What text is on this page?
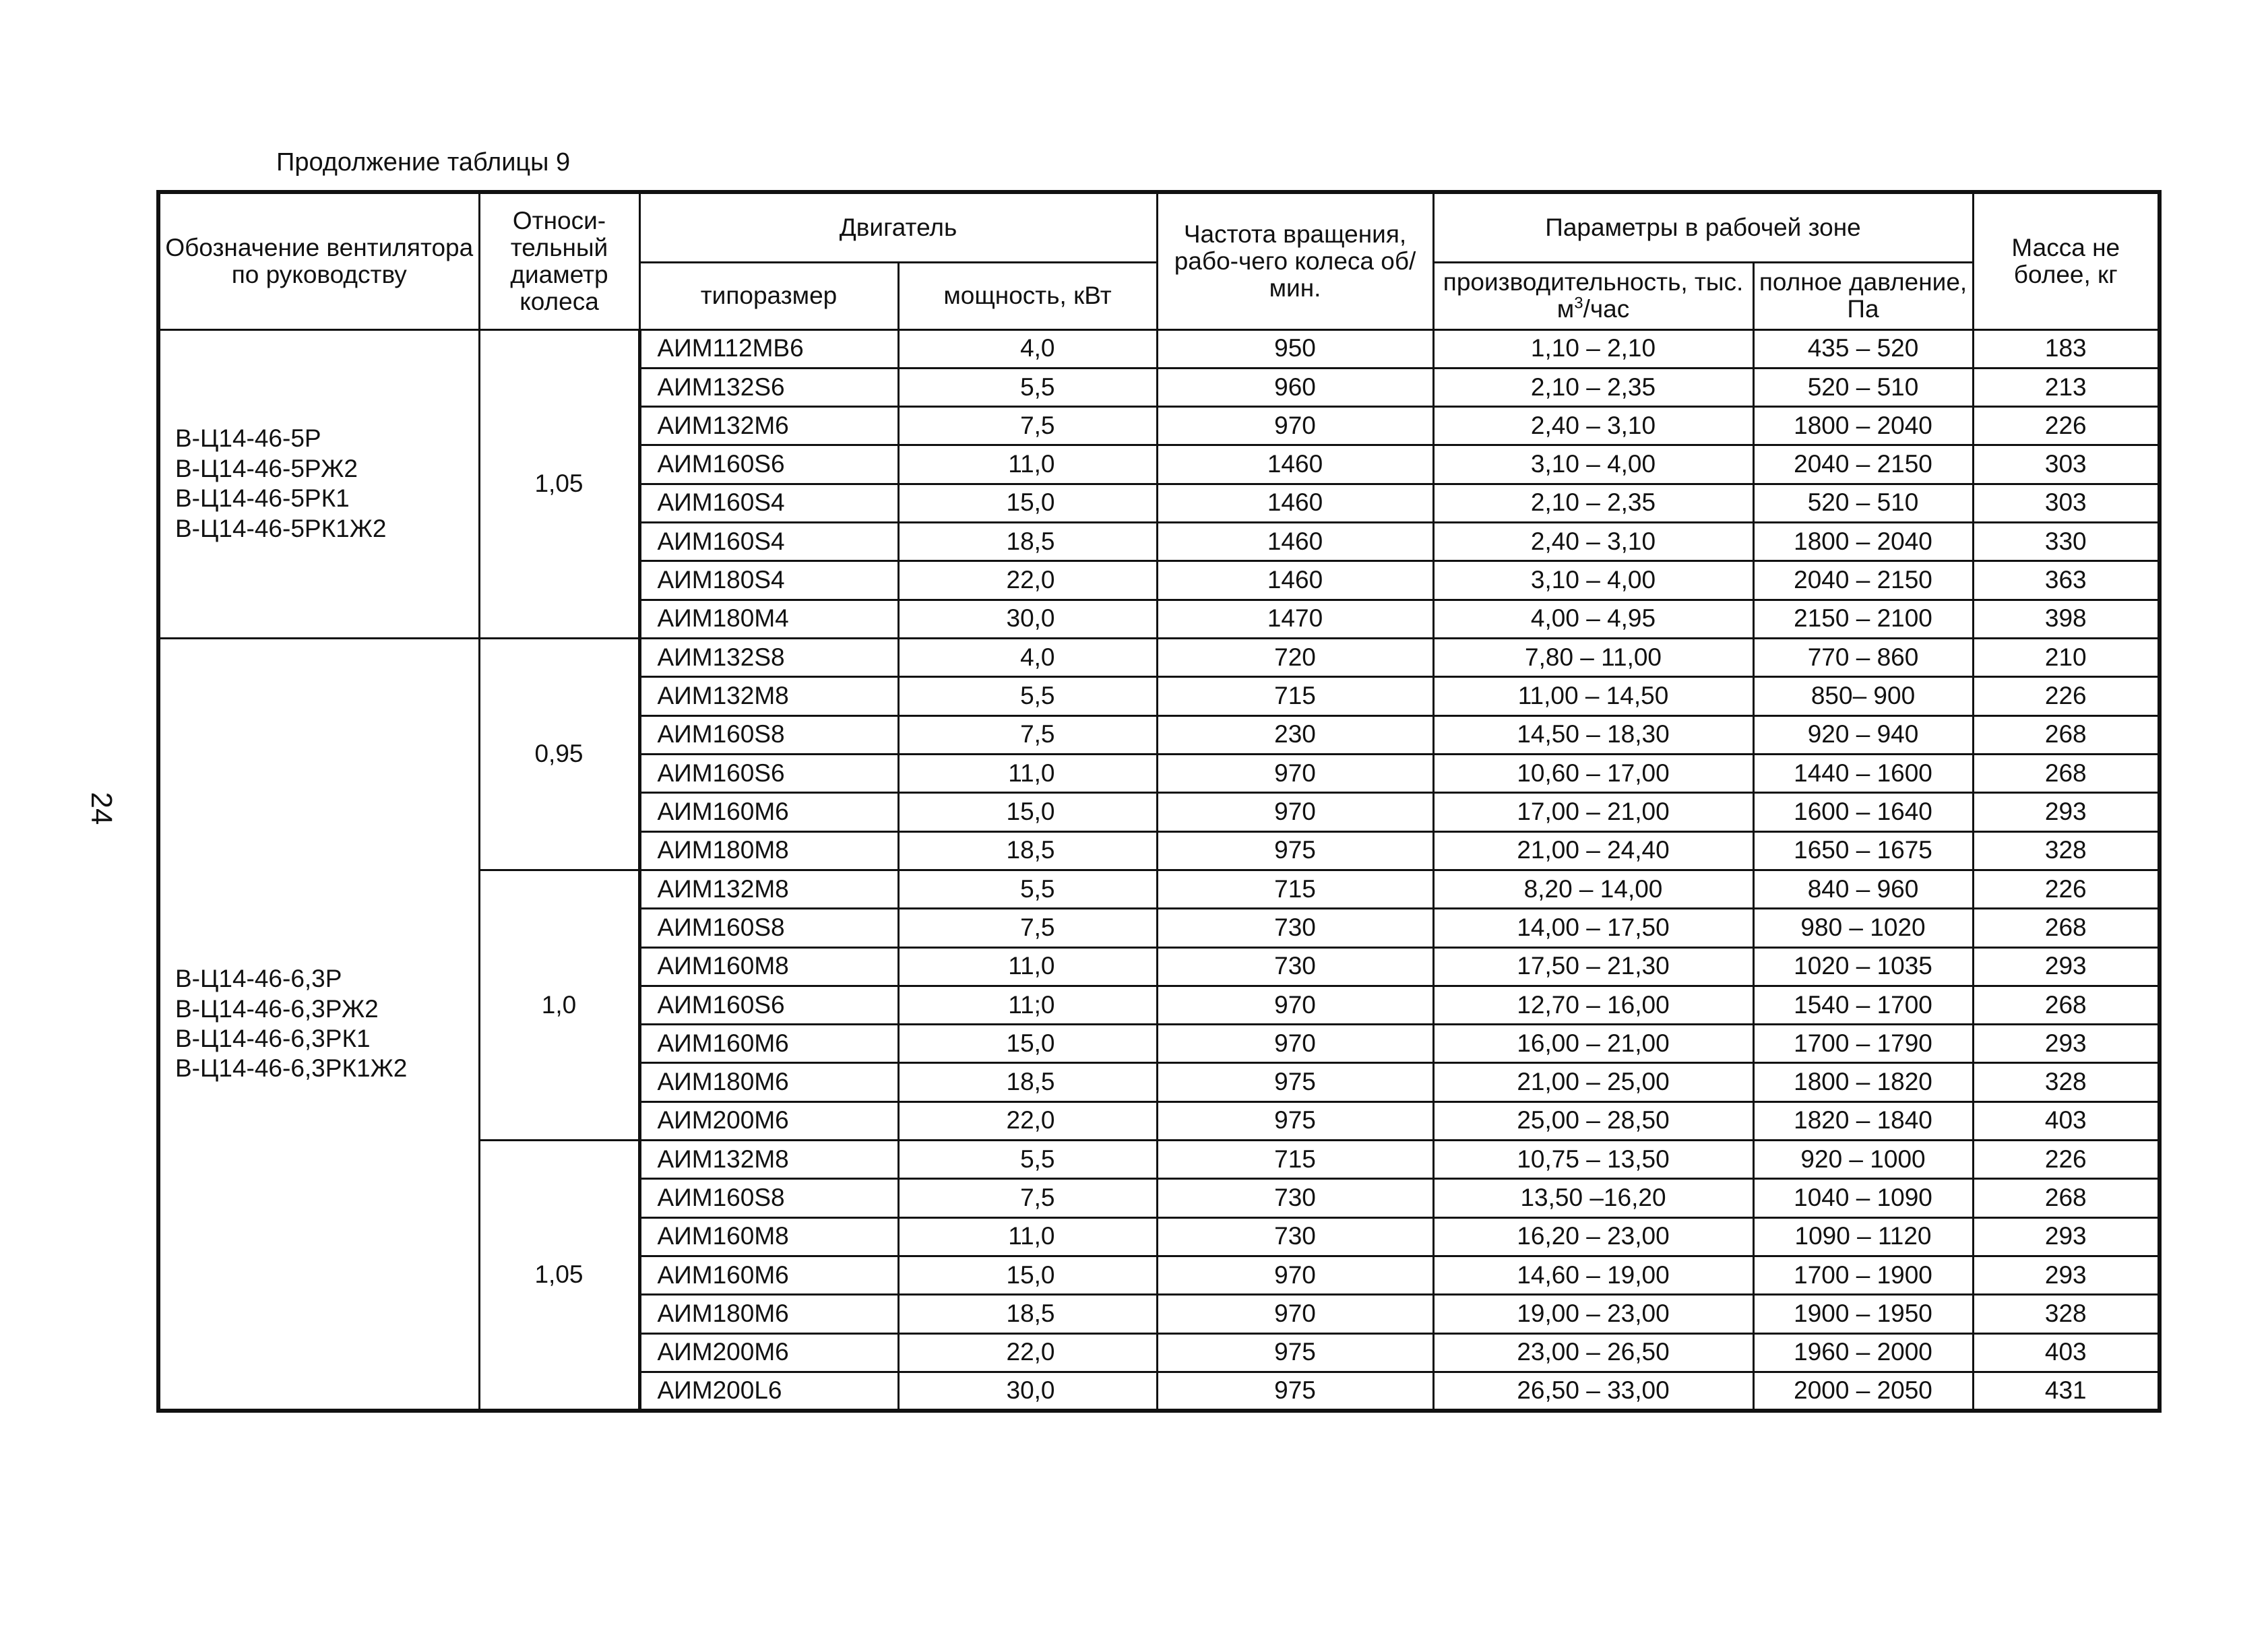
Продолжение таблицы 9
24
Обозначение вентилятора по руководству	Относи-тельный диаметр колеса	Двигатель		Частота вращения, рабо-чего колеса об/мин.	Параметры в рабочей зоне		Масса не более, кг
		типоразмер	мощность, кВт		производительность, тыс. $м^3$/час	полное давление, Па	

В-Ц14-46-5Р
В-Ц14-46-5РЖ2
В-Ц14-46-5РК1
В-Ц14-46-5РК1Ж2	1,05	АИМ112МВ6	4,0	950	1,10 – 2,10	435 – 520	183
		АИМ132S6	5,5	960	2,10 – 2,35	520 – 510	213
		АИМ132М6	7,5	970	2,40 – 3,10	1800 – 2040	226
		АИМ160S6	11,0	1460	3,10 – 4,00	2040 – 2150	303
		АИМ160S4	15,0	1460	2,10 – 2,35	520 – 510	303
		АИМ160S4	18,5	1460	2,40 – 3,10	1800 – 2040	330
		АИМ180S4	22,0	1460	3,10 – 4,00	2040 – 2150	363
		АИМ180М4	30,0	1470	4,00 – 4,95	2150 – 2100	398

В-Ц14-46-6,3Р
В-Ц14-46-6,3РЖ2
В-Ц14-46-6,3РК1
В-Ц14-46-6,3РК1Ж2	0,95	АИМ132S8	4,0	720	7,80 – 11,00	770 – 860	210
		АИМ132М8	5,5	715	11,00 – 14,50	850– 900	226
		АИМ160S8	7,5	230	14,50 – 18,30	920 – 940	268
		АИМ160S6	11,0	970	10,60 – 17,00	1440 – 1600	268
		АИМ160М6	15,0	970	17,00 – 21,00	1600 – 1640	293
		АИМ180М8	18,5	975	21,00 – 24,40	1650 – 1675	328
	1,0	АИМ132М8	5,5	715	8,20 – 14,00	840 – 960	226
		АИМ160S8	7,5	730	14,00 – 17,50	980 – 1020	268
		АИМ160М8	11,0	730	17,50 – 21,30	1020 – 1035	293
		АИМ160S6	11;0	970	12,70 – 16,00	1540 – 1700	268
		АИМ160М6	15,0	970	16,00 – 21,00	1700 – 1790	293
		АИМ180М6	18,5	975	21,00 – 25,00	1800 – 1820	328
		АИМ200М6	22,0	975	25,00 – 28,50	1820 – 1840	403
	1,05	АИМ132М8	5,5	715	10,75 – 13,50	920 – 1000	226
		АИМ160S8	7,5	730	13,50 –16,20	1040 – 1090	268
		АИМ160М8	11,0	730	16,20 – 23,00	1090 – 1120	293
		АИМ160М6	15,0	970	14,60 – 19,00	1700 – 1900	293
		АИМ180М6	18,5	970	19,00 – 23,00	1900 – 1950	328
		АИМ200М6	22,0	975	23,00 – 26,50	1960 – 2000	403
		АИМ200L6	30,0	975	26,50 – 33,00	2000 – 2050	431
